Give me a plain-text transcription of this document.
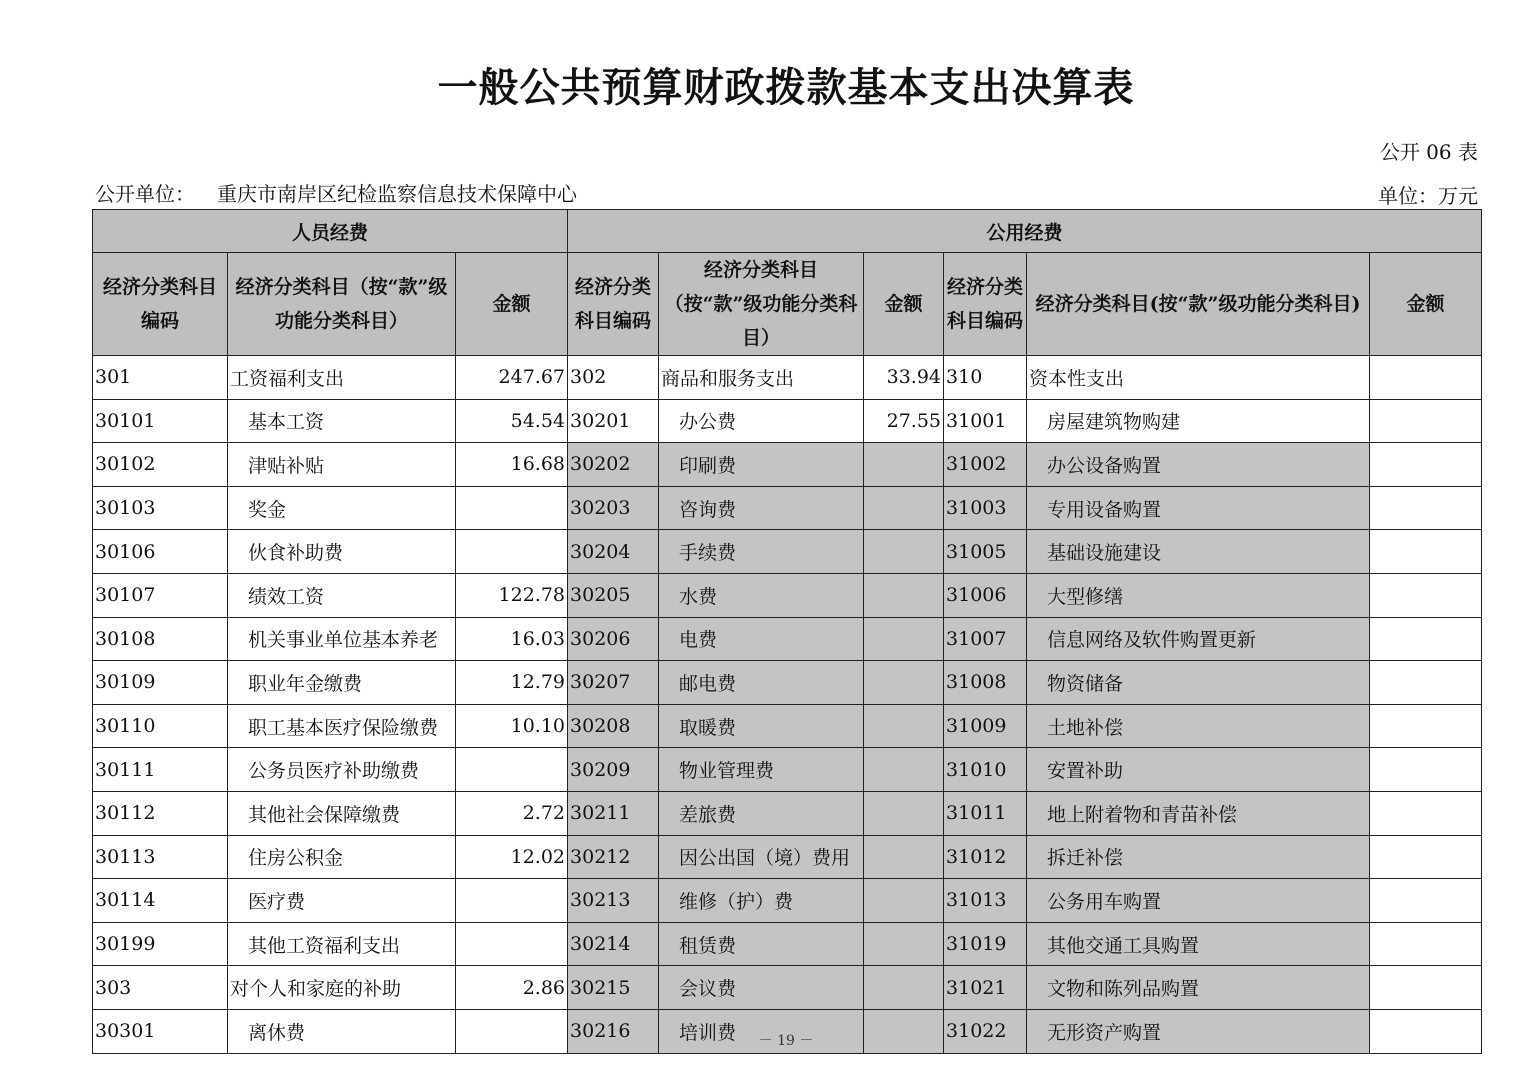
一般公共预算财政拨款基本支出决算表
公开 06 表
公开单位： 重庆市南岸区纪检监察信息技术保障中心	单位：万元
人员经费			公用经费					
经济分类科目编码	经济分类科目（按“款”级功能分类科目）	金额	经济分类科目编码	经济分类科目（按“款”级功能分类科目）	金额	经济分类科目编码	经济分类科目(按“款”级功能分类科目)	金额
301	工资福利支出	247.67	302	商品和服务支出	33.94	310	资本性支出	
30101	基本工资	54.54	30201	办公费	27.55	31001	房屋建筑物购建	
30102	津贴补贴	16.68	30202	印刷费		31002	办公设备购置	
30103	奖金		30203	咨询费		31003	专用设备购置	
30106	伙食补助费		30204	手续费		31005	基础设施建设	
30107	绩效工资	122.78	30205	水费		31006	大型修缮	
30108	机关事业单位基本养老	16.03	30206	电费		31007	信息网络及软件购置更新	
30109	职业年金缴费	12.79	30207	邮电费		31008	物资储备	
30110	职工基本医疗保险缴费	10.10	30208	取暖费		31009	土地补偿	
30111	公务员医疗补助缴费		30209	物业管理费		31010	安置补助	
30112	其他社会保障缴费	2.72	30211	差旅费		31011	地上附着物和青苗补偿	
30113	住房公积金	12.02	30212	因公出国（境）费用		31012	拆迁补偿	
30114	医疗费		30213	维修（护）费		31013	公务用车购置	
30199	其他工资福利支出		30214	租赁费		31019	其他交通工具购置	
303	对个人和家庭的补助	2.86	30215	会议费		31021	文物和陈列品购置	
30301	离休费		30216	培训费		31022	无形资产购置	
－ 19 －
